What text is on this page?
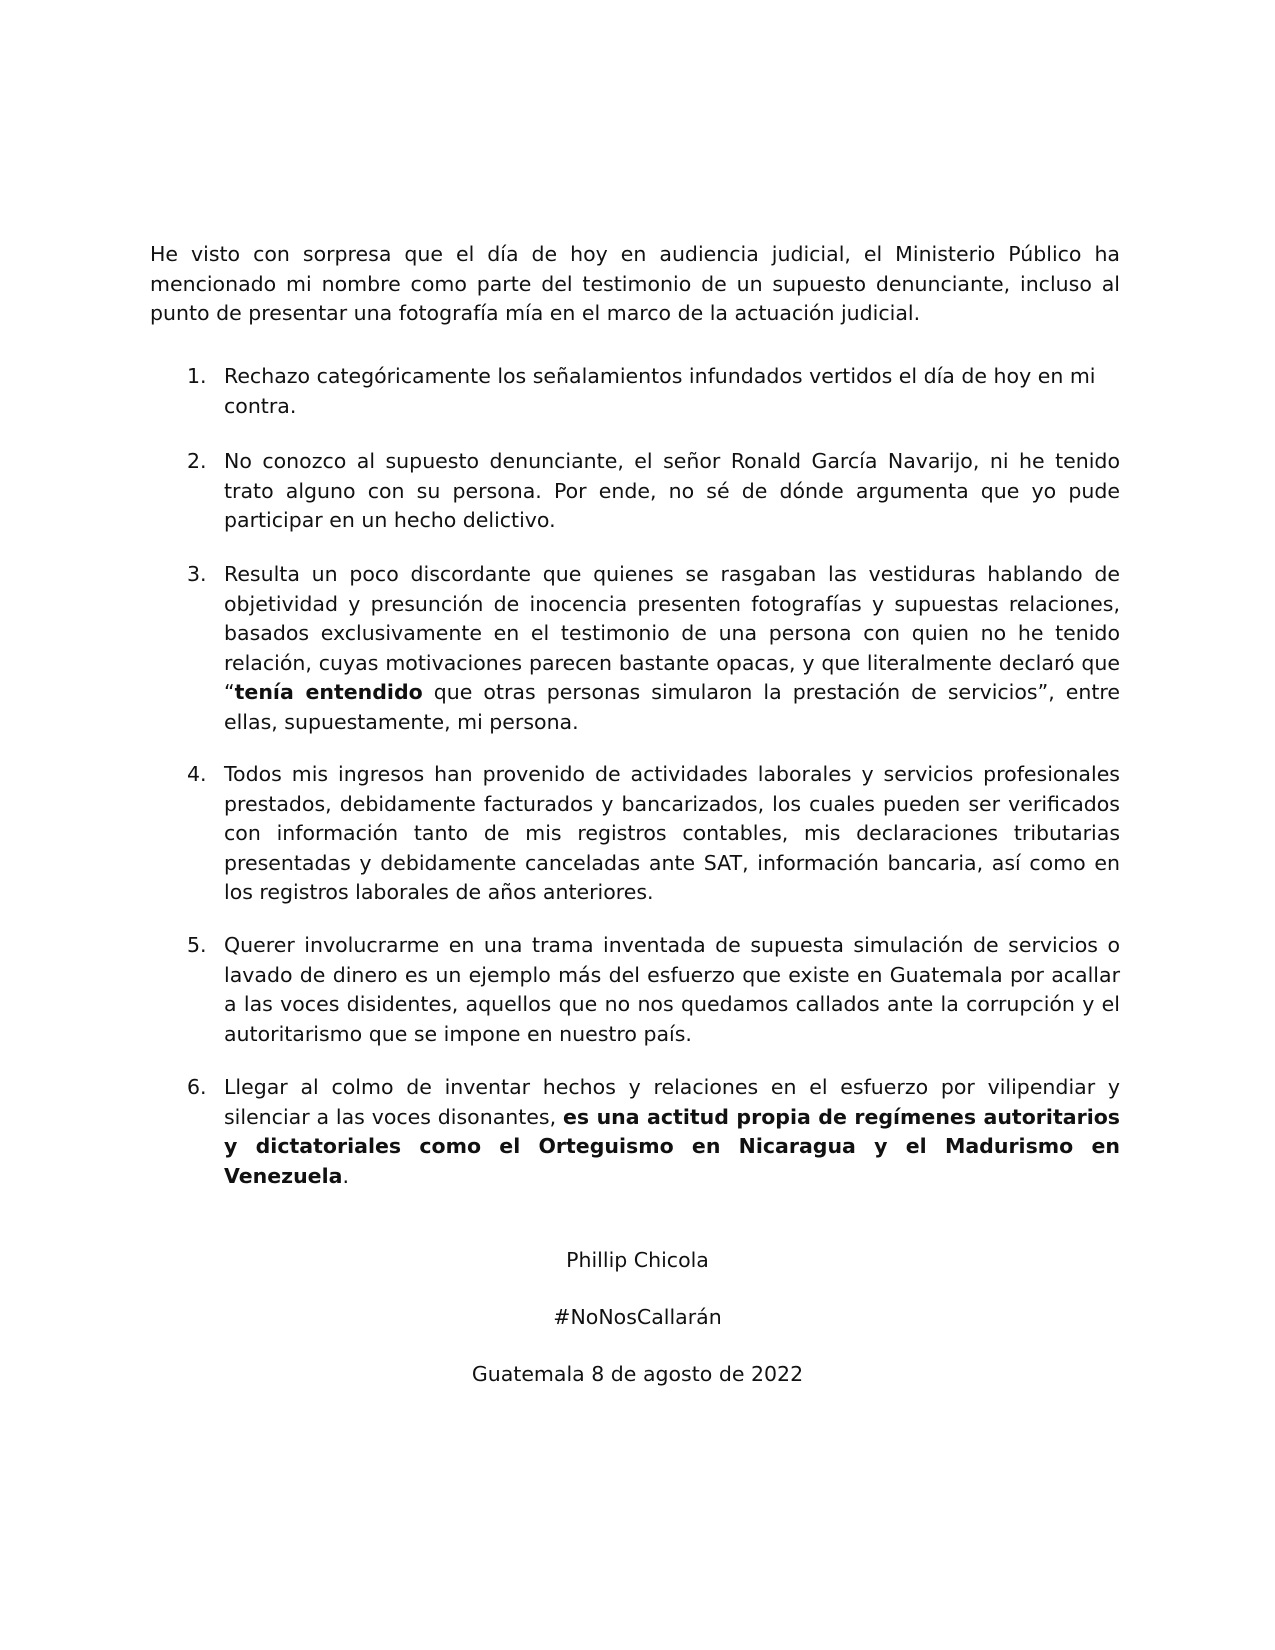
He visto con sorpresa que el día de hoy en audiencia judicial, el Ministerio Público ha mencionado mi nombre como parte del testimonio de un supuesto denunciante, incluso al punto de presentar una fotografía mía en el marco de la actuación judicial.

1. Rechazo categóricamente los señalamientos infundados vertidos el día de hoy en mi contra.
2. No conozco al supuesto denunciante, el señor Ronald García Navarijo, ni he tenido trato alguno con su persona. Por ende, no sé de dónde argumenta que yo pude participar en un hecho delictivo.
3. Resulta un poco discordante que quienes se rasgaban las vestiduras hablando de objetividad y presunción de inocencia presenten fotografías y supuestas relaciones, basados exclusivamente en el testimonio de una persona con quien no he tenido relación, cuyas motivaciones parecen bastante opacas, y que literalmente declaró que “tenía entendido que otras personas simularon la prestación de servicios”, entre ellas, supuestamente, mi persona.
4. Todos mis ingresos han provenido de actividades laborales y servicios profesionales prestados, debidamente facturados y bancarizados, los cuales pueden ser verificados con información tanto de mis registros contables, mis declaraciones tributarias presentadas y debidamente canceladas ante SAT, información bancaria, así como en los registros laborales de años anteriores.
5. Querer involucrarme en una trama inventada de supuesta simulación de servicios o lavado de dinero es un ejemplo más del esfuerzo que existe en Guatemala por acallar a las voces disidentes, aquellos que no nos quedamos callados ante la corrupción y el autoritarismo que se impone en nuestro país.
6. Llegar al colmo de inventar hechos y relaciones en el esfuerzo por vilipendiar y silenciar a las voces disonantes, es una actitud propia de regímenes autoritarios y dictatoriales como el Orteguismo en Nicaragua y el Madurismo en Venezuela.

Phillip Chicola

#NoNosCallarán

Guatemala 8 de agosto de 2022
